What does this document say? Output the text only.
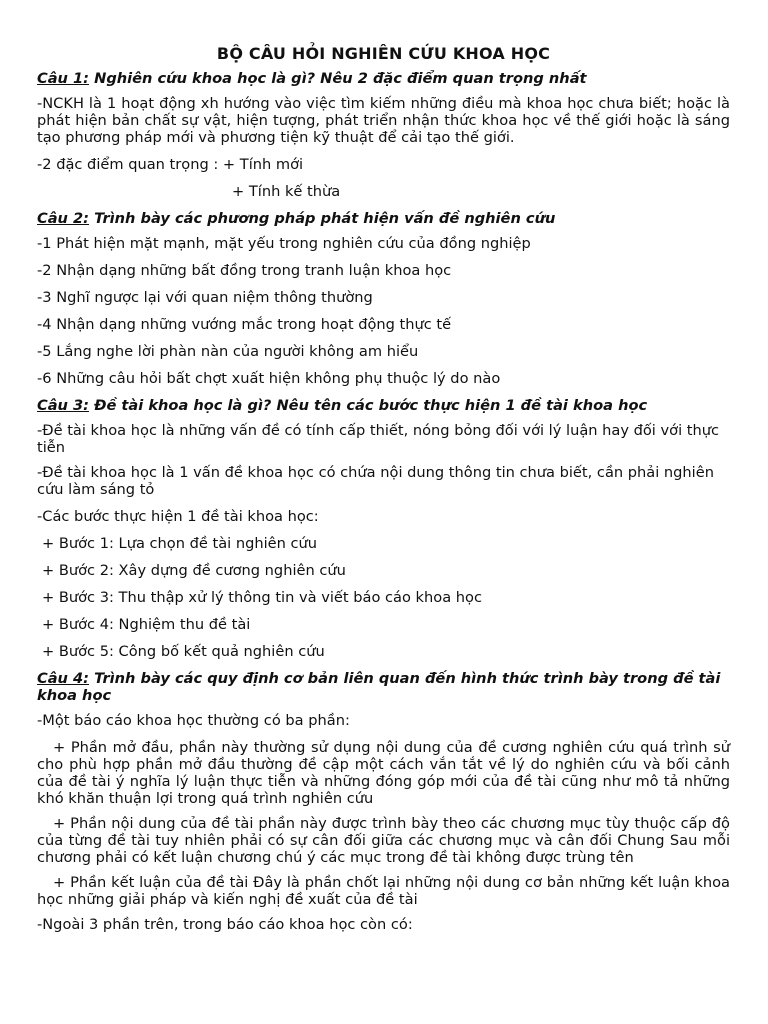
BỘ CÂU HỎI NGHIÊN CỨU KHOA HỌC
Câu 1: Nghiên cứu khoa học là gì? Nêu 2 đặc điểm quan trọng nhất
-NCKH là 1 hoạt động xh hướng vào việc tìm kiếm những điều mà khoa học chưa biết; hoặc là phát hiện bản chất sự vật, hiện tượng, phát triển nhận thức khoa học về thế giới hoặc là sáng tạo phương pháp mới và phương tiện kỹ thuật để cải tạo thế giới.
-2 đặc điểm quan trọng : + Tính mới
+ Tính kế thừa
Câu 2: Trình bày các phương pháp phát hiện vấn đề nghiên cứu
-1 Phát hiện mặt mạnh, mặt yếu trong nghiên cứu của đồng nghiệp
-2 Nhận dạng những bất đồng trong tranh luận khoa học
-3 Nghĩ ngược lại với quan niệm thông thường
-4 Nhận dạng những vướng mắc trong hoạt động thực tế
-5 Lắng nghe lời phàn nàn của người không am hiểu
-6 Những câu hỏi bất chợt xuất hiện không phụ thuộc lý do nào
Câu 3: Đề tài khoa học là gì? Nêu tên các bước thực hiện 1 đề tài khoa học
-Đề tài khoa học là những vấn đề có tính cấp thiết, nóng bỏng đối với lý luận hay đối với thực tiễn
-Đề tài khoa học là 1 vấn đề khoa học có chứa nội dung thông tin chưa biết, cần phải nghiên cứu làm sáng tỏ
-Các bước thực hiện 1 đề tài khoa học:
+ Bước 1: Lựa chọn đề tài nghiên cứu
+ Bước 2: Xây dựng đề cương nghiên cứu
+ Bước 3: Thu thập xử lý thông tin và viết báo cáo khoa học
+ Bước 4: Nghiệm thu đề tài
+ Bước 5: Công bố kết quả nghiên cứu
Câu 4: Trình bày các quy định cơ bản liên quan đến hình thức trình bày trong đề tài khoa học
-Một báo cáo khoa học thường có ba phần:
+ Phần mở đầu, phần này thường sử dụng nội dung của đề cương nghiên cứu quá trình sử cho phù hợp phần mở đầu thường đề cập một cách vắn tắt về lý do nghiên cứu và bối cảnh của đề tài ý nghĩa lý luận thực tiễn và những đóng góp mới của đề tài cũng như mô tả những khó khăn thuận lợi trong quá trình nghiên cứu
+ Phần nội dung của đề tài phần này được trình bày theo các chương mục tùy thuộc cấp độ của từng đề tài tuy nhiên phải có sự cân đối giữa các chương mục và cân đối Chung Sau mỗi chương phải có kết luận chương chú ý các mục trong đề tài không được trùng tên
+ Phần kết luận của đề tài Đây là phần chốt lại những nội dung cơ bản những kết luận khoa học những giải pháp và kiến nghị đề xuất của đề tài
-Ngoài 3 phần trên, trong báo cáo khoa học còn có:
